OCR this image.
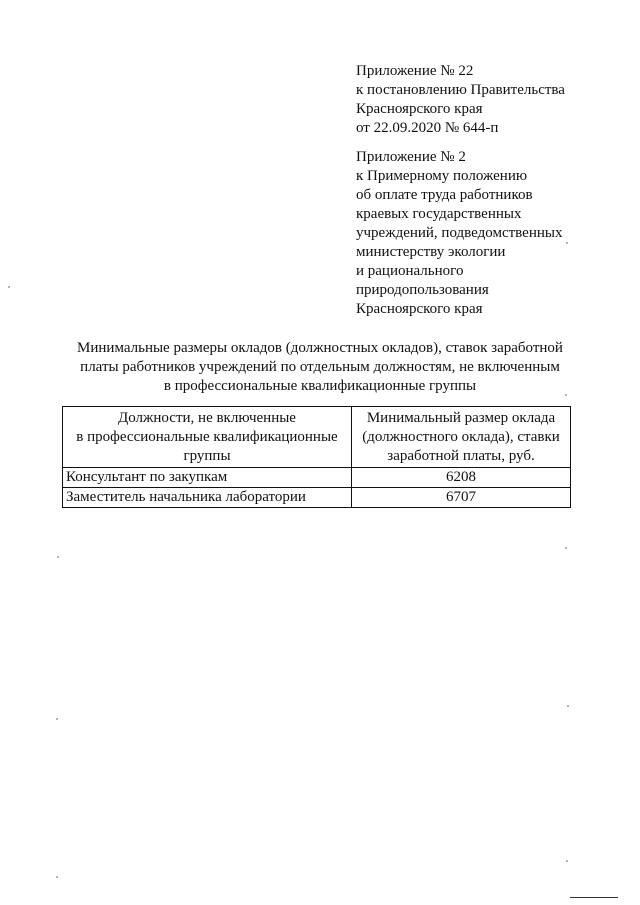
Приложение № 22
к постановлению Правительства
Красноярского края
от 22.09.2020 № 644-п
Приложение № 2
к Примерному положению
об оплате труда работников
краевых государственных
учреждений, подведомственных
министерству экологии
и рационального
природопользования
Красноярского края
Минимальные размеры окладов (должностных окладов), ставок заработной
платы работников учреждений по отдельным должностям, не включенным
в профессиональные квалификационные группы
Должности, не включенные
в профессиональные квалификационные
группы	Минимальный размер оклада
(должностного оклада), ставки
заработной платы, руб.

Консультант по закупкам	6208
Заместитель начальника лаборатории	6707
